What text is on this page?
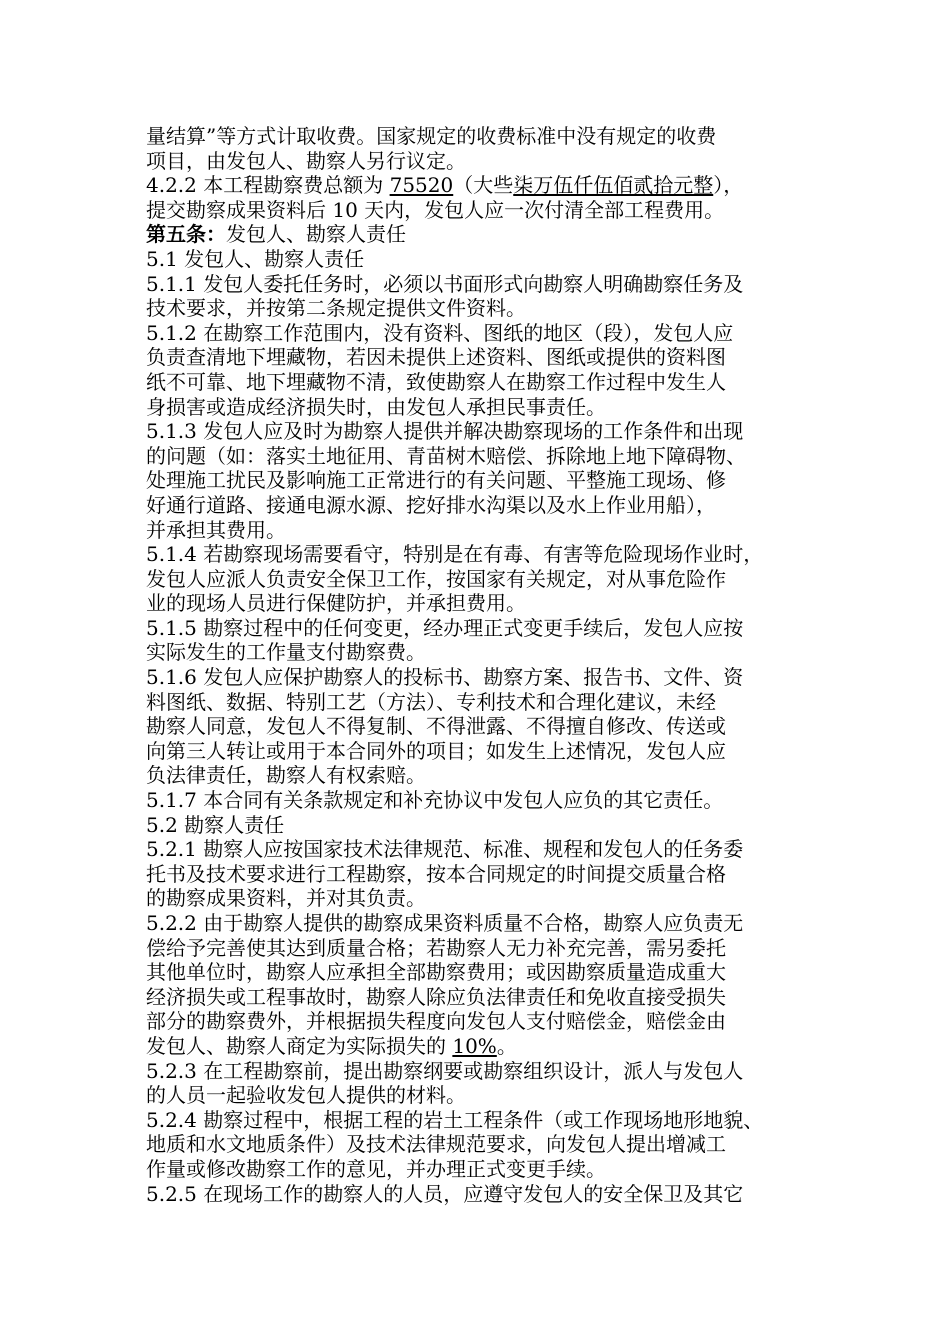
量结算”等方式计取收费。国家规定的收费标准中没有规定的收费
项目，由发包人、勘察人另行议定。
4.2.2 本工程勘察费总额为 75520（大些柒万伍仟伍佰贰拾元整），
提交勘察成果资料后 10 天内，发包人应一次付清全部工程费用。
第五条：发包人、勘察人责任
5.1 发包人、勘察人责任
5.1.1 发包人委托任务时，必须以书面形式向勘察人明确勘察任务及
技术要求，并按第二条规定提供文件资料。
5.1.2 在勘察工作范围内，没有资料、图纸的地区（段），发包人应
负责查清地下埋藏物，若因未提供上述资料、图纸或提供的资料图
纸不可靠、地下埋藏物不清，致使勘察人在勘察工作过程中发生人
身损害或造成经济损失时，由发包人承担民事责任。
5.1.3 发包人应及时为勘察人提供并解决勘察现场的工作条件和出现
的问题（如：落实土地征用、青苗树木赔偿、拆除地上地下障碍物、
处理施工扰民及影响施工正常进行的有关问题、平整施工现场、修
好通行道路、接通电源水源、挖好排水沟渠以及水上作业用船），
并承担其费用。
5.1.4 若勘察现场需要看守，特别是在有毒、有害等危险现场作业时，
发包人应派人负责安全保卫工作，按国家有关规定，对从事危险作
业的现场人员进行保健防护，并承担费用。
5.1.5 勘察过程中的任何变更，经办理正式变更手续后，发包人应按
实际发生的工作量支付勘察费。
5.1.6 发包人应保护勘察人的投标书、勘察方案、报告书、文件、资
料图纸、数据、特别工艺（方法）、专利技术和合理化建议，未经
勘察人同意，发包人不得复制、不得泄露、不得擅自修改、传送或
向第三人转让或用于本合同外的项目；如发生上述情况，发包人应
负法律责任，勘察人有权索赔。
5.1.7 本合同有关条款规定和补充协议中发包人应负的其它责任。
5.2 勘察人责任
5.2.1 勘察人应按国家技术法律规范、标准、规程和发包人的任务委
托书及技术要求进行工程勘察，按本合同规定的时间提交质量合格
的勘察成果资料，并对其负责。
5.2.2 由于勘察人提供的勘察成果资料质量不合格，勘察人应负责无
偿给予完善使其达到质量合格；若勘察人无力补充完善，需另委托
其他单位时，勘察人应承担全部勘察费用；或因勘察质量造成重大
经济损失或工程事故时，勘察人除应负法律责任和免收直接受损失
部分的勘察费外，并根据损失程度向发包人支付赔偿金，赔偿金由
发包人、勘察人商定为实际损失的 10%。
5.2.3 在工程勘察前，提出勘察纲要或勘察组织设计，派人与发包人
的人员一起验收发包人提供的材料。
5.2.4 勘察过程中，根据工程的岩土工程条件（或工作现场地形地貌、
地质和水文地质条件）及技术法律规范要求，向发包人提出增减工
作量或修改勘察工作的意见，并办理正式变更手续。
5.2.5 在现场工作的勘察人的人员，应遵守发包人的安全保卫及其它
